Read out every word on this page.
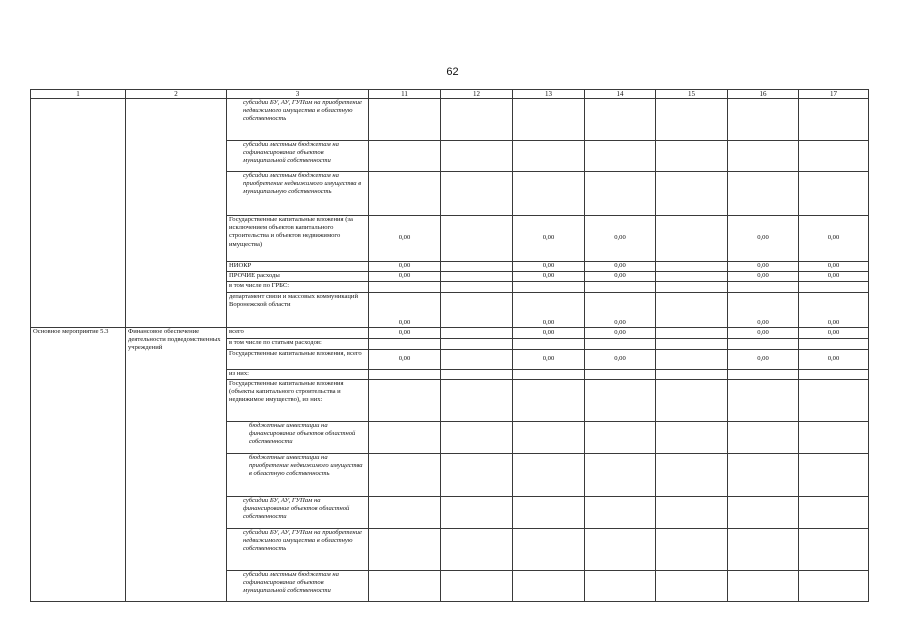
62
1	2	3	11	12	13	14	15	16	17
		субсидии БУ, АУ, ГУПам на приобретение недвижимого имущества в областную собственность							
		субсидии местным бюджетам на софинансирование объектов муниципальной собственности							
		субсидии местным бюджетам на приобретение недвижимого имущества в муниципальную собственность							
		Государственные капитальные вложения (за исключением объектов капитального строительства и объектов недвижимого имущества)	0,00		0,00	0,00		0,00	0,00
		НИОКР	0,00		0,00	0,00		0,00	0,00
		ПРОЧИЕ расходы	0,00		0,00	0,00		0,00	0,00
		в том числе по ГРБС:							
		департамент связи и массовых коммуникаций Воронежской области	0,00		0,00	0,00		0,00	0,00
Основное мероприятие 5.3	Финансовое обеспечение деятельности подведомственных учреждений	всего	0,00		0,00	0,00		0,00	0,00
		в том числе по статьям расходов:							
		Государственные капитальные вложения, всего	0,00		0,00	0,00		0,00	0,00
		из них:							
		Государственные капитальные вложения (объекты капитального строительства и недвижимое имущество), из них:							
		бюджетные инвестиции на финансирование объектов областной собственности							
		бюджетные инвестиции на приобретение недвижимого имущества в областную собственность							
		субсидии БУ, АУ, ГУПам на финансирование объектов областной собственности							
		субсидии БУ, АУ, ГУПам на приобретение недвижимого имущества в областную собственность							
		субсидии местным бюджетам на софинансирование объектов муниципальной собственности							
